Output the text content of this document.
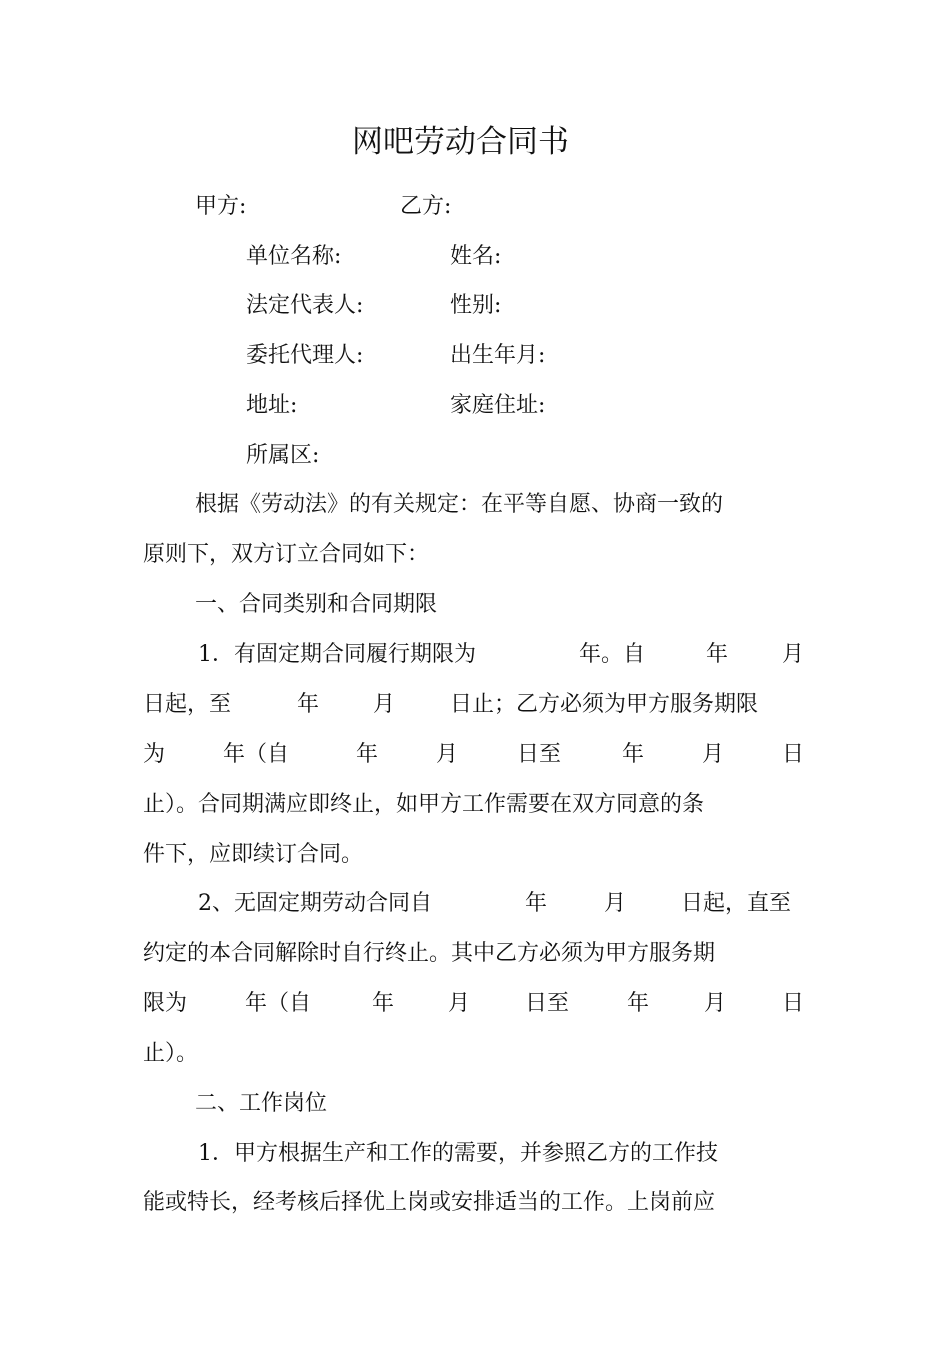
网吧劳动合同书
甲方:	乙方:
单位名称:	姓名:
法定代表人:	性别:
委托代理人:	出生年月:
地址:	家庭住址:
所属区:
根据《劳动法》的有关规定：在平等自愿、协商一致的
原则下，双方订立合同如下：
一、合同类别和合同期限
1．有固定期合同履行期限为	年。自	年 月
日起，至	年 月 日止；乙方必须为甲方服务期限
为	年（自	年	月	日至	年	月	日
止）。合同期满应即终止，如甲方工作需要在双方同意的条
件下，应即续订合同。
2、无固定期劳动合同自	年	月 日起，直至
约定的本合同解除时自行终止。其中乙方必须为甲方服务期
限为	年（自	年 月 日至	年 月	日
止）。
二、工作岗位
1．甲方根据生产和工作的需要，并参照乙方的工作技
能或特长，经考核后择优上岗或安排适当的工作。上岗前应
